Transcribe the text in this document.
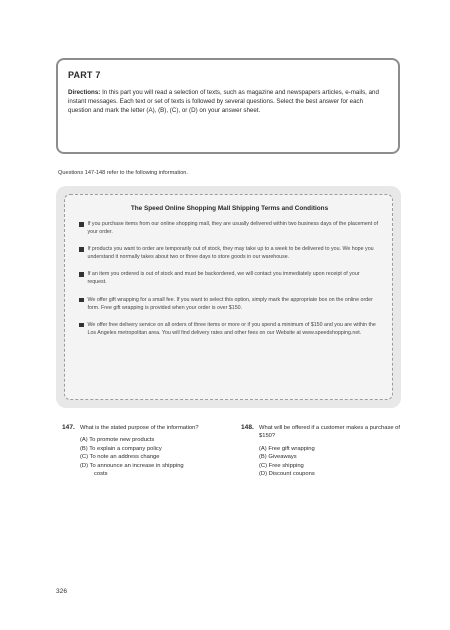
PART 7

Directions: In this part you will read a selection of texts, such as magazine and newspapers articles, e-mails, and instant messages. Each text or set of texts is followed by several questions. Select the best answer for each question and mark the letter (A), (B), (C), or (D) on your answer sheet.

Questions 147-148 refer to the following information.

The Speed Online Shopping Mall Shipping Terms and Conditions

If you purchase items from our online shopping mall, they are usually delivered within two business days of the placement of your order.
If products you want to order are temporarily out of stock, they may take up to a week to be delivered to you. We hope you understand it normally takes about two or three days to store goods in our warehouse.
If an item you ordered is out of stock and must be backordered, we will contact you immediately upon receipt of your request.
We offer gift wrapping for a small fee. If you want to select this option, simply mark the appropriate box on the online order form. Free gift wrapping is provided when your order is over $150.
We offer free delivery service on all orders of three items or more or if you spend a minimum of $150 and you are within the Los Angeles metropolitan area. You will find delivery rates and other fees on our Website at www.speedshopping.net.
147. What is the stated purpose of the information?
(A) To promote new products
(B) To explain a company policy
(C) To note an address change
(D) To announce an increase in shipping
costs
148. What will be offered if a customer makes a purchase of $150?
(A) Free gift wrapping
(B) Giveaways
(C) Free shipping
(D) Discount coupons
326
